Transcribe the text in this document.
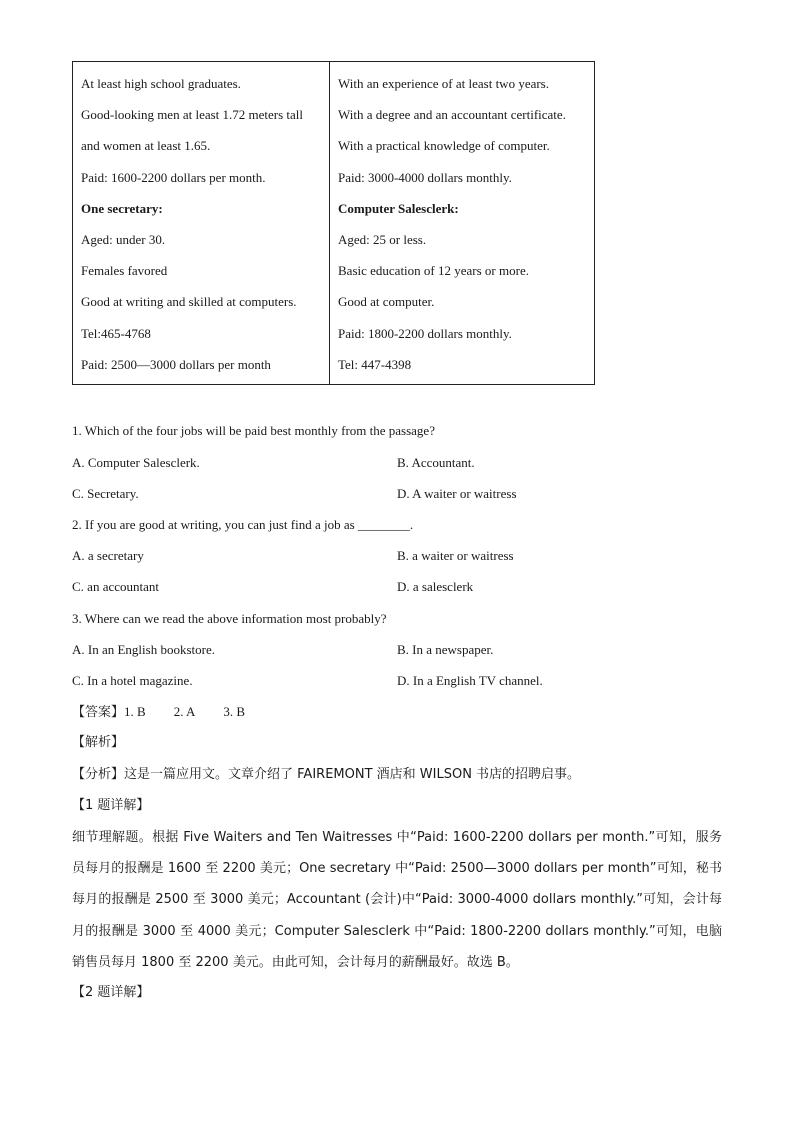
At least high school graduates.
Good-looking men at least 1.72 meters tall
and women at least 1.65.
Paid: 1600-2200 dollars per month.
One secretary:
Aged: under 30.
Females favored
Good at writing and skilled at computers.
Tel:465-4768
Paid: 2500—3000 dollars per month

With an experience of at least two years.
With a degree and an accountant certificate.
With a practical knowledge of computer.
Paid: 3000-4000 dollars monthly.
Computer Salesclerk:
Aged: 25 or less.
Basic education of 12 years or more.
Good at computer.
Paid: 1800-2200 dollars monthly.
Tel: 447-4398
1. Which of the four jobs will be paid best monthly from the passage?
A. Computer Salesclerk.	B. Accountant.
C. Secretary.	D. A waiter or waitress
2. If you are good at writing, you can just find a job as ________.
A. a secretary	B. a waiter or waitress
C. an accountant	D. a salesclerk
3. Where can we read the above information most probably?
A. In an English bookstore.	B. In a newspaper.
C. In a hotel magazine.	D. In a English TV channel.
【答案】1. B 2. A 3. B
【解析】
【分析】这是一篇应用文。文章介绍了 FAIREMONT 酒店和 WILSON 书店的招聘启事。
【1 题详解】
细节理解题。根据 Five Waiters and Ten Waitresses 中“Paid: 1600-2200 dollars per month.”可知，服务员每月的报酬是 1600 至 2200 美元；One secretary 中“Paid: 2500—3000 dollars per month”可知，秘书每月的报酬是 2500 至 3000 美元；Accountant (会计)中“Paid: 3000-4000 dollars monthly.”可知，会计每月的报酬是 3000 至 4000 美元；Computer Salesclerk 中“Paid: 1800-2200 dollars monthly.”可知，电脑销售员每月 1800 至 2200 美元。由此可知，会计每月的薪酬最好。故选 B。
【2 题详解】
